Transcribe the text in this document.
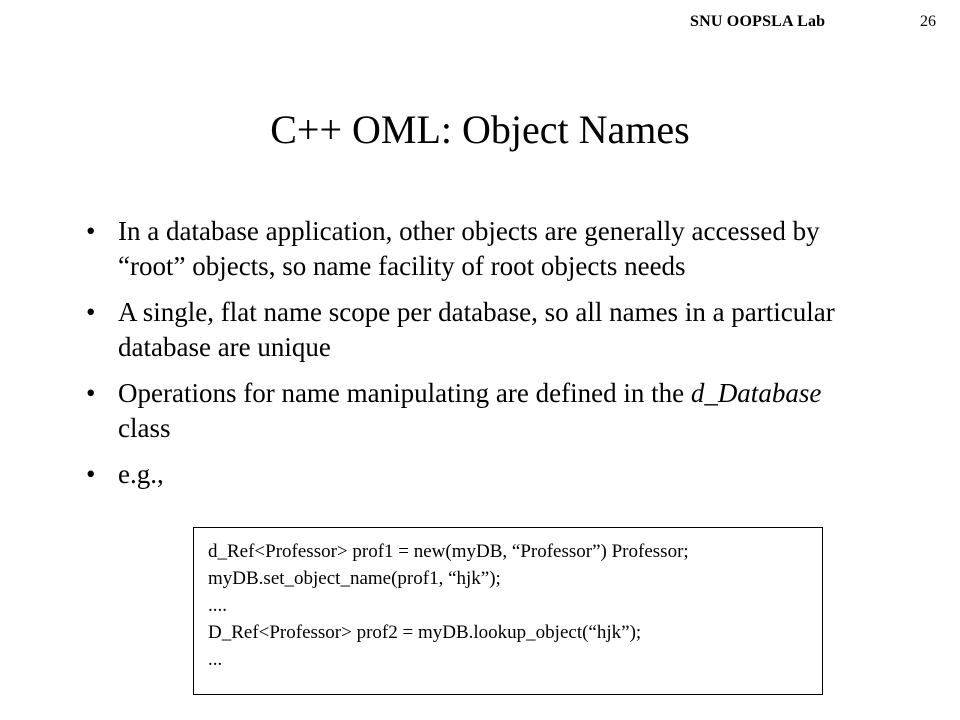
SNU OOPSLA Lab	26
C++ OML: Object Names
• In a database application, other objects are generally accessed by “root” objects, so name facility of root objects needs
• A single, flat name scope per database, so all names in a particular database are unique
• Operations for name manipulating are defined in the d_Database class
• e.g.,
d_Ref<Professor> prof1 = new(myDB, “Professor”) Professor;
myDB.set_object_name(prof1, “hjk”);
....
D_Ref<Professor> prof2 = myDB.lookup_object(“hjk”);
...
